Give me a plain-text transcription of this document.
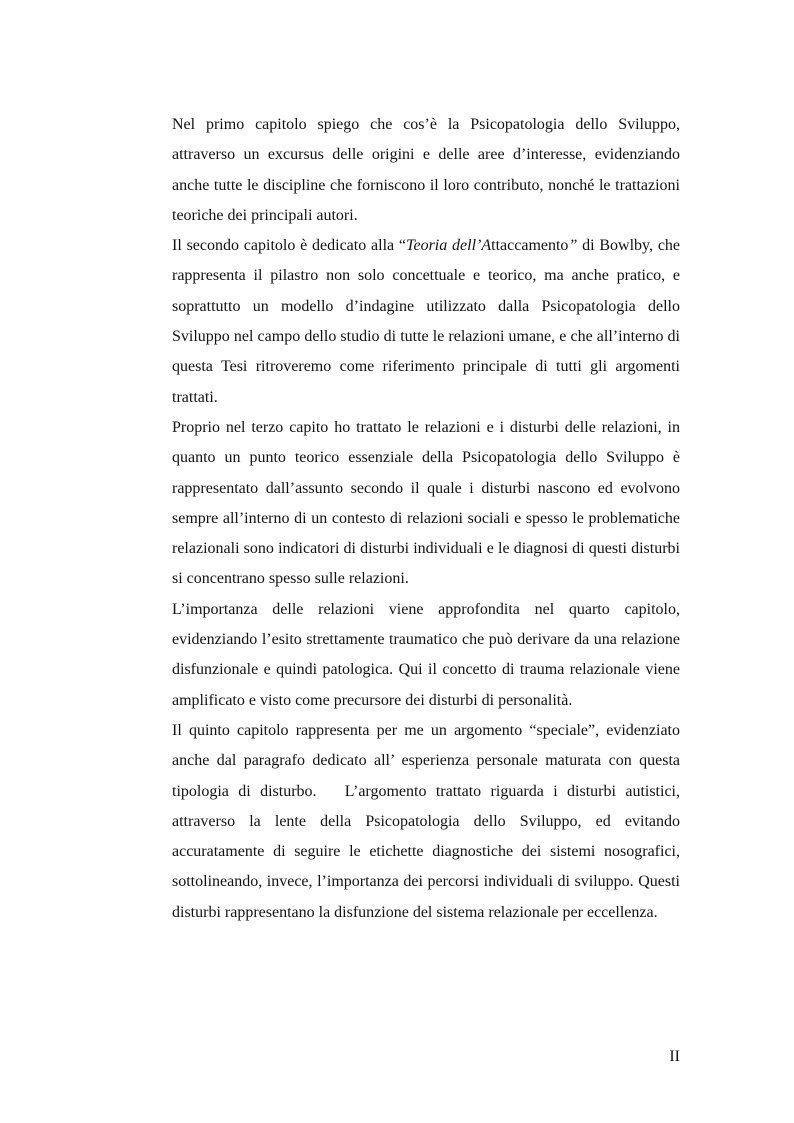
Nel primo capitolo spiego che cos’è la Psicopatologia dello Sviluppo, attraverso un excursus delle origini e delle aree d’interesse, evidenziando anche tutte le discipline che forniscono il loro contributo, nonché le trattazioni teoriche dei principali autori.

Il secondo capitolo è dedicato alla “Teoria dell’Attaccamento” di Bowlby, che rappresenta il pilastro non solo concettuale e teorico, ma anche pratico, e soprattutto un modello d’indagine utilizzato dalla Psicopatologia dello Sviluppo nel campo dello studio di tutte le relazioni umane, e che all’interno di questa Tesi ritroveremo come riferimento principale di tutti gli argomenti trattati.

Proprio nel terzo capito ho trattato le relazioni e i disturbi delle relazioni, in quanto un punto teorico essenziale della Psicopatologia dello Sviluppo è rappresentato dall’assunto secondo il quale i disturbi nascono ed evolvono sempre all’interno di un contesto di relazioni sociali e spesso le problematiche relazionali sono indicatori di disturbi individuali e le diagnosi di questi disturbi si concentrano spesso sulle relazioni.

L’importanza delle relazioni viene approfondita nel quarto capitolo, evidenziando l’esito strettamente traumatico che può derivare da una relazione disfunzionale e quindi patologica. Qui il concetto di trauma relazionale viene amplificato e visto come precursore dei disturbi di personalità.

Il quinto capitolo rappresenta per me un argomento “speciale”, evidenziato anche dal paragrafo dedicato all’ esperienza personale maturata con questa tipologia di disturbo.   L’argomento trattato riguarda i disturbi autistici, attraverso la lente della Psicopatologia dello Sviluppo, ed evitando accuratamente di seguire le etichette diagnostiche dei sistemi nosografici, sottolineando, invece, l’importanza dei percorsi individuali di sviluppo. Questi disturbi rappresentano la disfunzione del sistema relazionale per eccellenza.

II
